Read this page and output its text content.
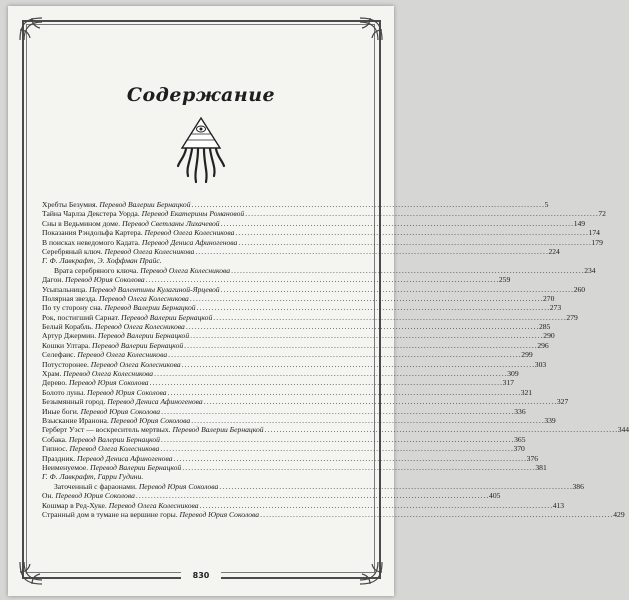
Содержание
Хребты Безумия. Перевод Валерии Бернацкой . . .	5
Тайна Чарлза Декстера Уорда. Перевод Екатерины Романовой . . .	72
Сны в Ведьмином доме. Перевод Светланы Лихачевой . . .	149
Показания Рэндольфа Картера. Перевод Олега Колесникова . . .	174
В поисках неведомого Кадата. Перевод Дениса Афиногенова . . .	179
Серебряный ключ. Перевод Олега Колесникова . . .	224
Г. Ф. Лавкрафт, Э. Хоффман Прайс.
Врата серебряного ключа. Перевод Олега Колесникова . . .	234
Дагон. Перевод Юрия Соколова . . .	259
Усыпальница. Перевод Валентины Кулагиной-Ярцевой . . .	260
Полярная звезда. Перевод Олега Колесникова . . .	270
По ту сторону сна. Перевод Валерии Бернацкой . . .	273
Рок, постигший Сарнат. Перевод Валерии Бернацкой . . .	279
Белый Корабль. Перевод Олега Колесникова . . .	285
Артур Джермин. Перевод Валерии Бернацкой . . .	290
Кошки Ултара. Перевод Валерии Бернацкой . . .	296
Селефаис. Перевод Олега Колесникова . . .	299
Потусторонее. Перевод Олега Колесникова . . .	303
Храм. Перевод Олега Колесникова . . .	309
Дерево. Перевод Юрия Соколова . . .	317
Болото луны. Перевод Юрия Соколова . . .	321
Безымянный город. Перевод Дениса Афиногенова . . .	327
Иные боги. Перевод Юрия Соколова . . .	336
Взыскание Иранона. Перевод Юрия Соколова . . .	339
Герберт Уэст — воскреситель мертвых. Перевод Валерии Бернацкой . . .	344
Собака. Перевод Валерии Бернацкой . . .	365
Гипнос. Перевод Олега Колесникова . . .	370
Праздник. Перевод Дениса Афиногенова . . .	376
Неименуемое. Перевод Валерии Бернацкой . . .	381
Г. Ф. Лавкрафт, Гарри Гудини.
Заточенный с фараонами. Перевод Юрия Соколова . . .	386
Он. Перевод Юрия Соколова . . .	405
Кошмар в Ред-Хуке. Перевод Олега Колесникова . . .	413
Странный дом в тумане на вершине горы. Перевод Юрия Соколова . . .	429
830
